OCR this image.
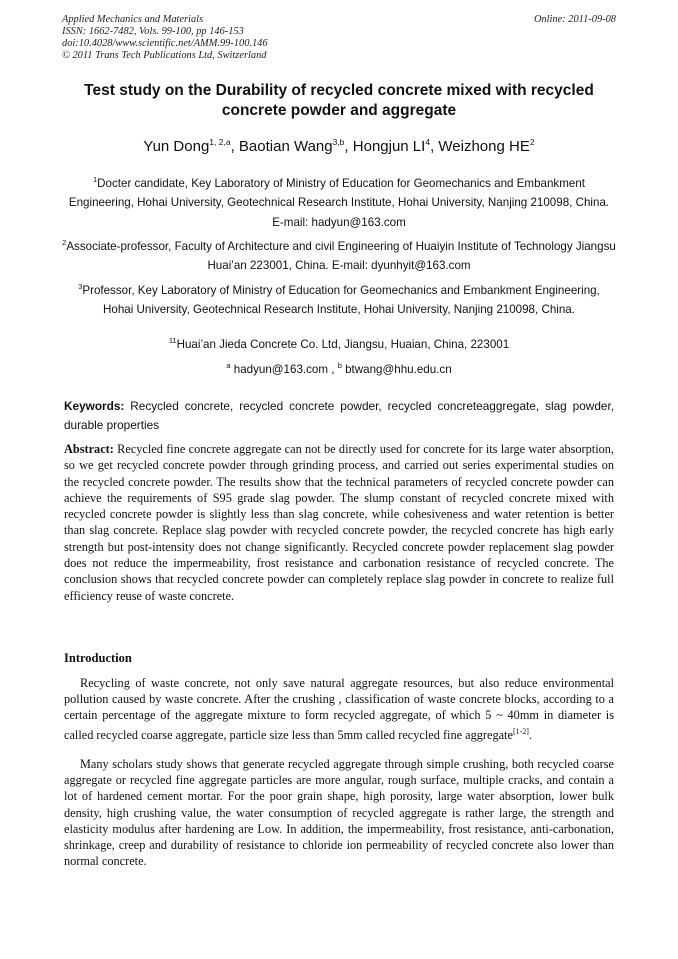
Applied Mechanics and Materials
ISSN: 1662-7482, Vols. 99-100, pp 146-153
doi:10.4028/www.scientific.net/AMM.99-100.146
© 2011 Trans Tech Publications Ltd, Switzerland
Online: 2011-09-08
Test study on the Durability of recycled concrete mixed with recycled concrete powder and aggregate
Yun Dong$^{1, 2,a}$, Baotian Wang$^{3,b}$, Hongjun $LI^4$, Weizhong $HE^2$
$^1$Docter candidate, Key Laboratory of Ministry of Education for Geomechanics and Embankment Engineering, Hohai University, Geotechnical Research Institute, Hohai University, Nanjing 210098, China. E-mail: hadyun@163.com
$^2$Associate-professor, Faculty of Architecture and civil Engineering of Huaiyin Institute of Technology Jiangsu Huai’an 223001, China. E-mail: dyunhyit@163.com
$^3$Professor, Key Laboratory of Ministry of Education for Geomechanics and Embankment Engineering, Hohai University, Geotechnical Research Institute, Hohai University, Nanjing 210098, China.
$^{11}$Huai’an Jieda Concrete Co. Ltd, Jiangsu, Huaian, China, 223001
$^a$ hadyun@163.com , $^b$ btwang@hhu.edu.cn
Keywords: Recycled concrete, recycled concrete powder, recycled concreteaggregate, slag powder, durable properties
Abstract: Recycled fine concrete aggregate can not be directly used for concrete for its large water absorption, so we get recycled concrete powder through grinding process, and carried out series experimental studies on the recycled concrete powder. The results show that the technical parameters of recycled concrete powder can achieve the requirements of S95 grade slag powder. The slump constant of recycled concrete mixed with recycled concrete powder is slightly less than slag concrete, while cohesiveness and water retention is better than slag concrete. Replace slag powder with recycled concrete powder, the recycled concrete has high early strength but post-intensity does not change significantly. Recycled concrete powder replacement slag powder does not reduce the impermeability, frost resistance and carbonation resistance of recycled concrete. The conclusion shows that recycled concrete powder can completely replace slag powder in concrete to realize full efficiency reuse of waste concrete.
Introduction
Recycling of waste concrete, not only save natural aggregate resources, but also reduce environmental pollution caused by waste concrete. After the crushing , classification of waste concrete blocks, according to a certain percentage of the aggregate mixture to form recycled aggregate, of which 5 ~ 40mm in diameter is called recycled coarse aggregate, particle size less than 5mm called recycled fine aggregate[1-2].
Many scholars study shows that generate recycled aggregate through simple crushing, both recycled coarse aggregate or recycled fine aggregate particles are more angular, rough surface, multiple cracks, and contain a lot of hardened cement mortar. For the poor grain shape, high porosity, large water absorption, lower bulk density, high crushing value, the water consumption of recycled aggregate is rather large, the strength and elasticity modulus after hardening are Low. In addition, the impermeability, frost resistance, anti-carbonation, shrinkage, creep and durability of resistance to chloride ion permeability of recycled concrete also lower than normal concrete.
